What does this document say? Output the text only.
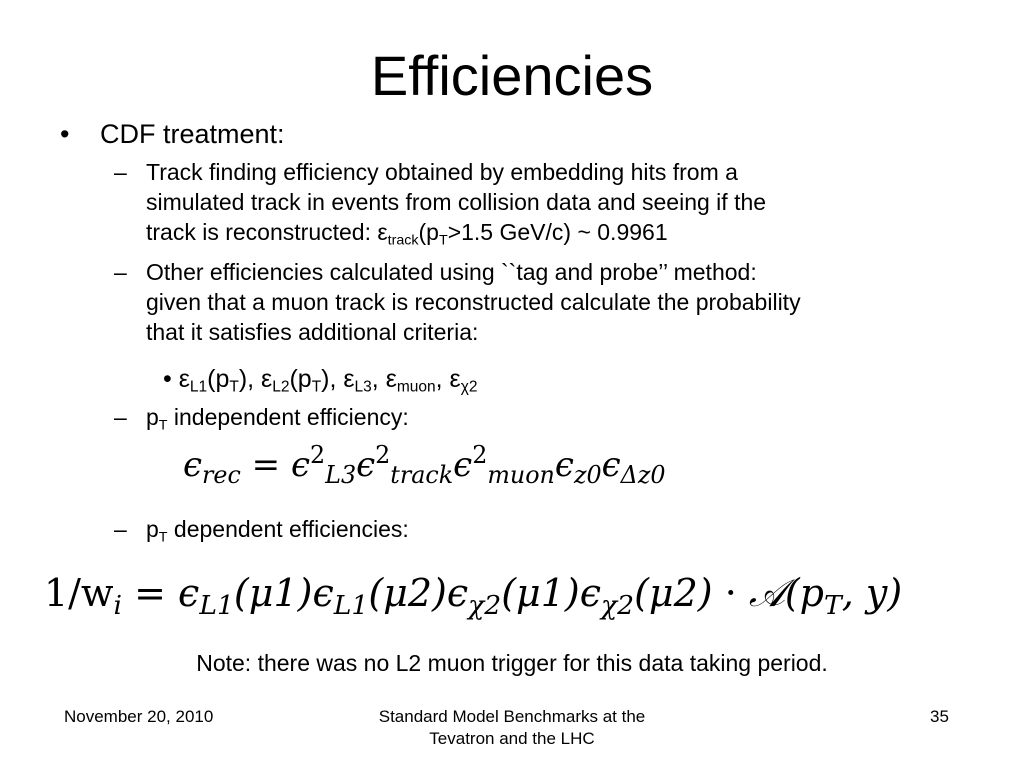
Efficiencies
• CDF treatment:
– Track finding efficiency obtained by embedding hits from a
simulated track in events from collision data and seeing if the
track is reconstructed: $\varepsilon_{track}(p_T>1.5$ GeV/c) ~ 0.9961
– Other efficiencies calculated using ``tag and probe’’ method:
given that a muon track is reconstructed calculate the probability
that it satisfies additional criteria:
• $\varepsilon_{L1}(p_T)$, $\varepsilon_{L2}(p_T)$, $\varepsilon_{L3}$, $\varepsilon_{muon}$, $\varepsilon_{\chi 2}$
– $p_T$ independent efficiency:
$\epsilon_{rec} = \epsilon^2_{L3}\epsilon^2_{track}\epsilon^2_{muon}\epsilon_{z0}\epsilon_{\Delta z0}$
– $p_T$ dependent efficiencies:
$1/w_i = \epsilon_{L1}(\mu 1)\epsilon_{L1}(\mu 2)\epsilon_{\chi 2}(\mu 1)\epsilon_{\chi 2}(\mu 2)$ · $𝒜(p_T$, y)
Note: there was no L2 muon trigger for this data taking period.
November 20, 2010	Standard Model Benchmarks at the Tevatron and the LHC
35
